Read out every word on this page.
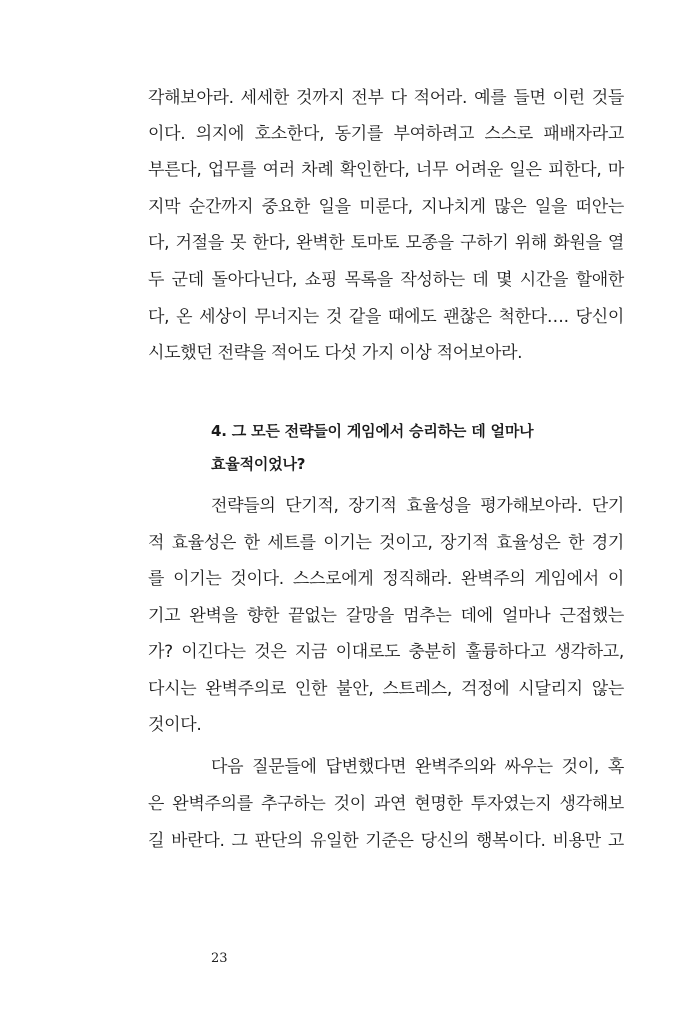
각해보아라. 세세한 것까지 전부 다 적어라. 예를 들면 이런 것들
이다. 의지에 호소한다, 동기를 부여하려고 스스로 패배자라고
부른다, 업무를 여러 차례 확인한다, 너무 어려운 일은 피한다, 마
지막 순간까지 중요한 일을 미룬다, 지나치게 많은 일을 떠안는
다, 거절을 못 한다, 완벽한 토마토 모종을 구하기 위해 화원을 열
두 군데 돌아다닌다, 쇼핑 목록을 작성하는 데 몇 시간을 할애한
다, 온 세상이 무너지는 것 같을 때에도 괜찮은 척한다…. 당신이
시도했던 전략을 적어도 다섯 가지 이상 적어보아라.
4. 그 모든 전략들이 게임에서 승리하는 데 얼마나
효율적이었나?
전략들의 단기적, 장기적 효율성을 평가해보아라. 단기
적 효율성은 한 세트를 이기는 것이고, 장기적 효율성은 한 경기
를 이기는 것이다. 스스로에게 정직해라. 완벽주의 게임에서 이
기고 완벽을 향한 끝없는 갈망을 멈추는 데에 얼마나 근접했는
가? 이긴다는 것은 지금 이대로도 충분히 훌륭하다고 생각하고,
다시는 완벽주의로 인한 불안, 스트레스, 걱정에 시달리지 않는
것이다.
다음 질문들에 답변했다면 완벽주의와 싸우는 것이, 혹
은 완벽주의를 추구하는 것이 과연 현명한 투자였는지 생각해보
길 바란다. 그 판단의 유일한 기준은 당신의 행복이다. 비용만 고
23
